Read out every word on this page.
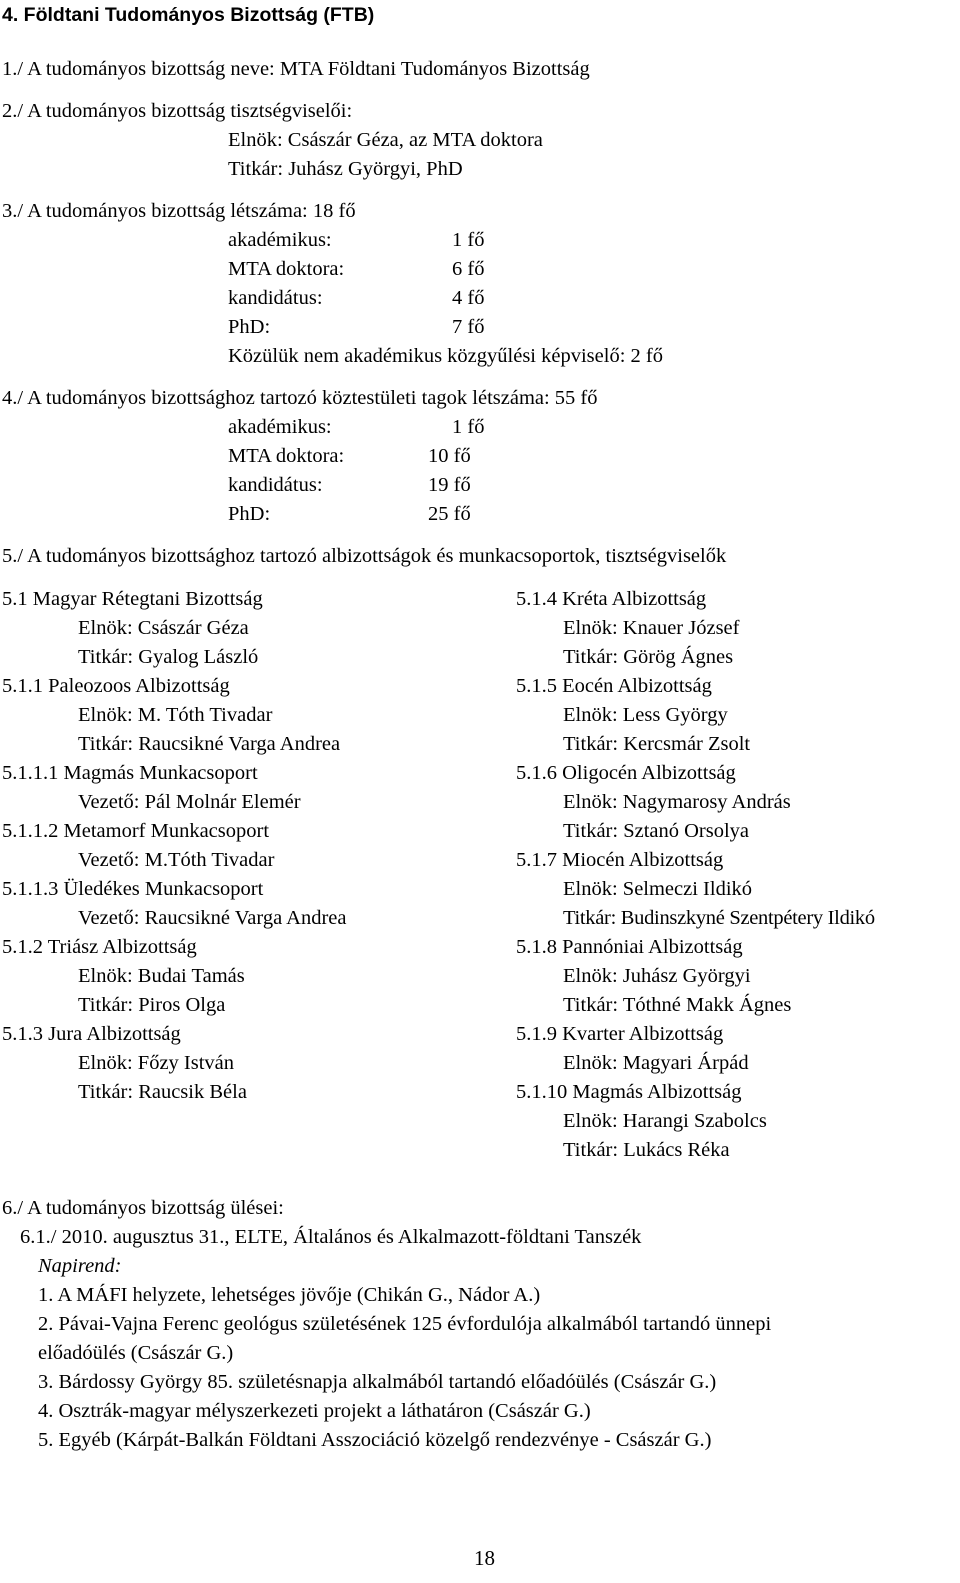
4. Földtani Tudományos Bizottság (FTB)
1./ A tudományos bizottság neve: MTA Földtani Tudományos Bizottság
2./ A tudományos bizottság tisztségviselői:
Elnök: Császár Géza, az MTA doktora
Titkár: Juhász Györgyi, PhD
3./ A tudományos bizottság létszáma: 18 fő
akadémikus:	1 fő
MTA doktora:	6 fő
kandidátus:	4 fő
PhD:	7 fő
Közülük nem akadémikus közgyűlési képviselő: 2 fő
4./ A tudományos bizottsághoz tartozó köztestületi tagok létszáma: 55 fő
akadémikus:	1 fő
MTA doktora:	10 fő
kandidátus:	19 fő
PhD:	25 fő
5./ A tudományos bizottsághoz tartozó albizottságok és munkacsoportok, tisztségviselők
5.1 Magyar Rétegtani Bizottság
Elnök: Császár Géza
Titkár: Gyalog László
5.1.1 Paleozoos Albizottság
Elnök: M. Tóth Tivadar
Titkár: Raucsikné Varga Andrea
5.1.1.1 Magmás Munkacsoport
Vezető: Pál Molnár Elemér
5.1.1.2 Metamorf Munkacsoport
Vezető: M.Tóth Tivadar
5.1.1.3 Üledékes Munkacsoport
Vezető: Raucsikné Varga Andrea
5.1.2 Triász Albizottság
Elnök: Budai Tamás
Titkár: Piros Olga
5.1.3 Jura Albizottság
Elnök: Főzy István
Titkár: Raucsik Béla
5.1.4 Kréta Albizottság
Elnök: Knauer József
Titkár: Görög Ágnes
5.1.5 Eocén Albizottság
Elnök: Less György
Titkár: Kercsmár Zsolt
5.1.6 Oligocén Albizottság
Elnök: Nagymarosy András
Titkár: Sztanó Orsolya
5.1.7 Miocén Albizottság
Elnök: Selmeczi Ildikó
Titkár: Budinszkyné Szentpétery Ildikó
5.1.8 Pannóniai Albizottság
Elnök: Juhász Györgyi
Titkár: Tóthné Makk Ágnes
5.1.9 Kvarter Albizottság
Elnök: Magyari Árpád
5.1.10 Magmás Albizottság
Elnök: Harangi Szabolcs
Titkár: Lukács Réka
6./ A tudományos bizottság ülései:
6.1./ 2010. augusztus 31., ELTE, Általános és Alkalmazott-földtani Tanszék
Napirend:
1. A MÁFI helyzete, lehetséges jövője (Chikán G., Nádor A.)
2. Pávai-Vajna Ferenc geológus születésének 125 évfordulója alkalmából tartandó ünnepi
előadóülés (Császár G.)
3. Bárdossy György 85. születésnapja alkalmából tartandó előadóülés (Császár G.)
4. Osztrák-magyar mélyszerkezeti projekt a láthatáron (Császár G.)
5. Egyéb (Kárpát-Balkán Földtani Asszociáció közelgő rendezvénye - Császár G.)
18
